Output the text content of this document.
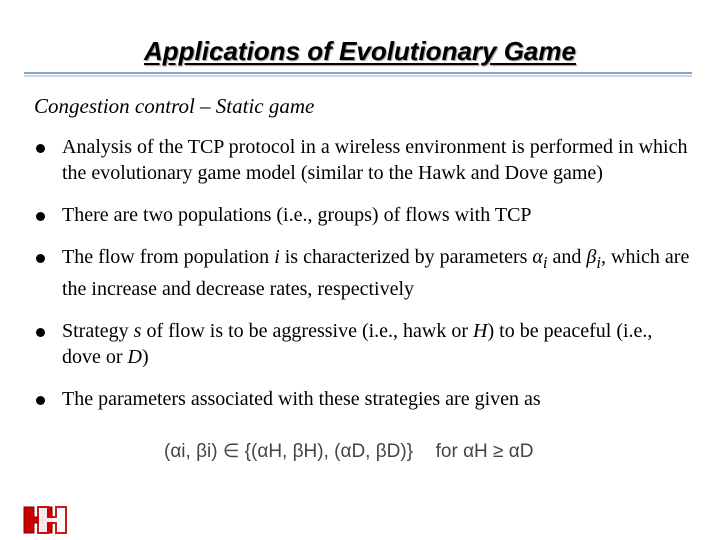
Applications of Evolutionary Game
Congestion control – Static game
Analysis of the TCP protocol in a wireless environment is performed in which the evolutionary game model (similar to the Hawk and Dove game)
There are two populations (i.e., groups) of flows with TCP
The flow from population i is characterized by parameters $\alpha_i$ and $\beta_i$, which are the increase and decrease rates, respectively
Strategy s of flow is to be aggressive (i.e., hawk or H) to be peaceful (i.e., dove or D)
The parameters associated with these strategies are given as
(αi, βi) ∈ {(αH, βH), (αD, βD)} for αH ≥ αD
